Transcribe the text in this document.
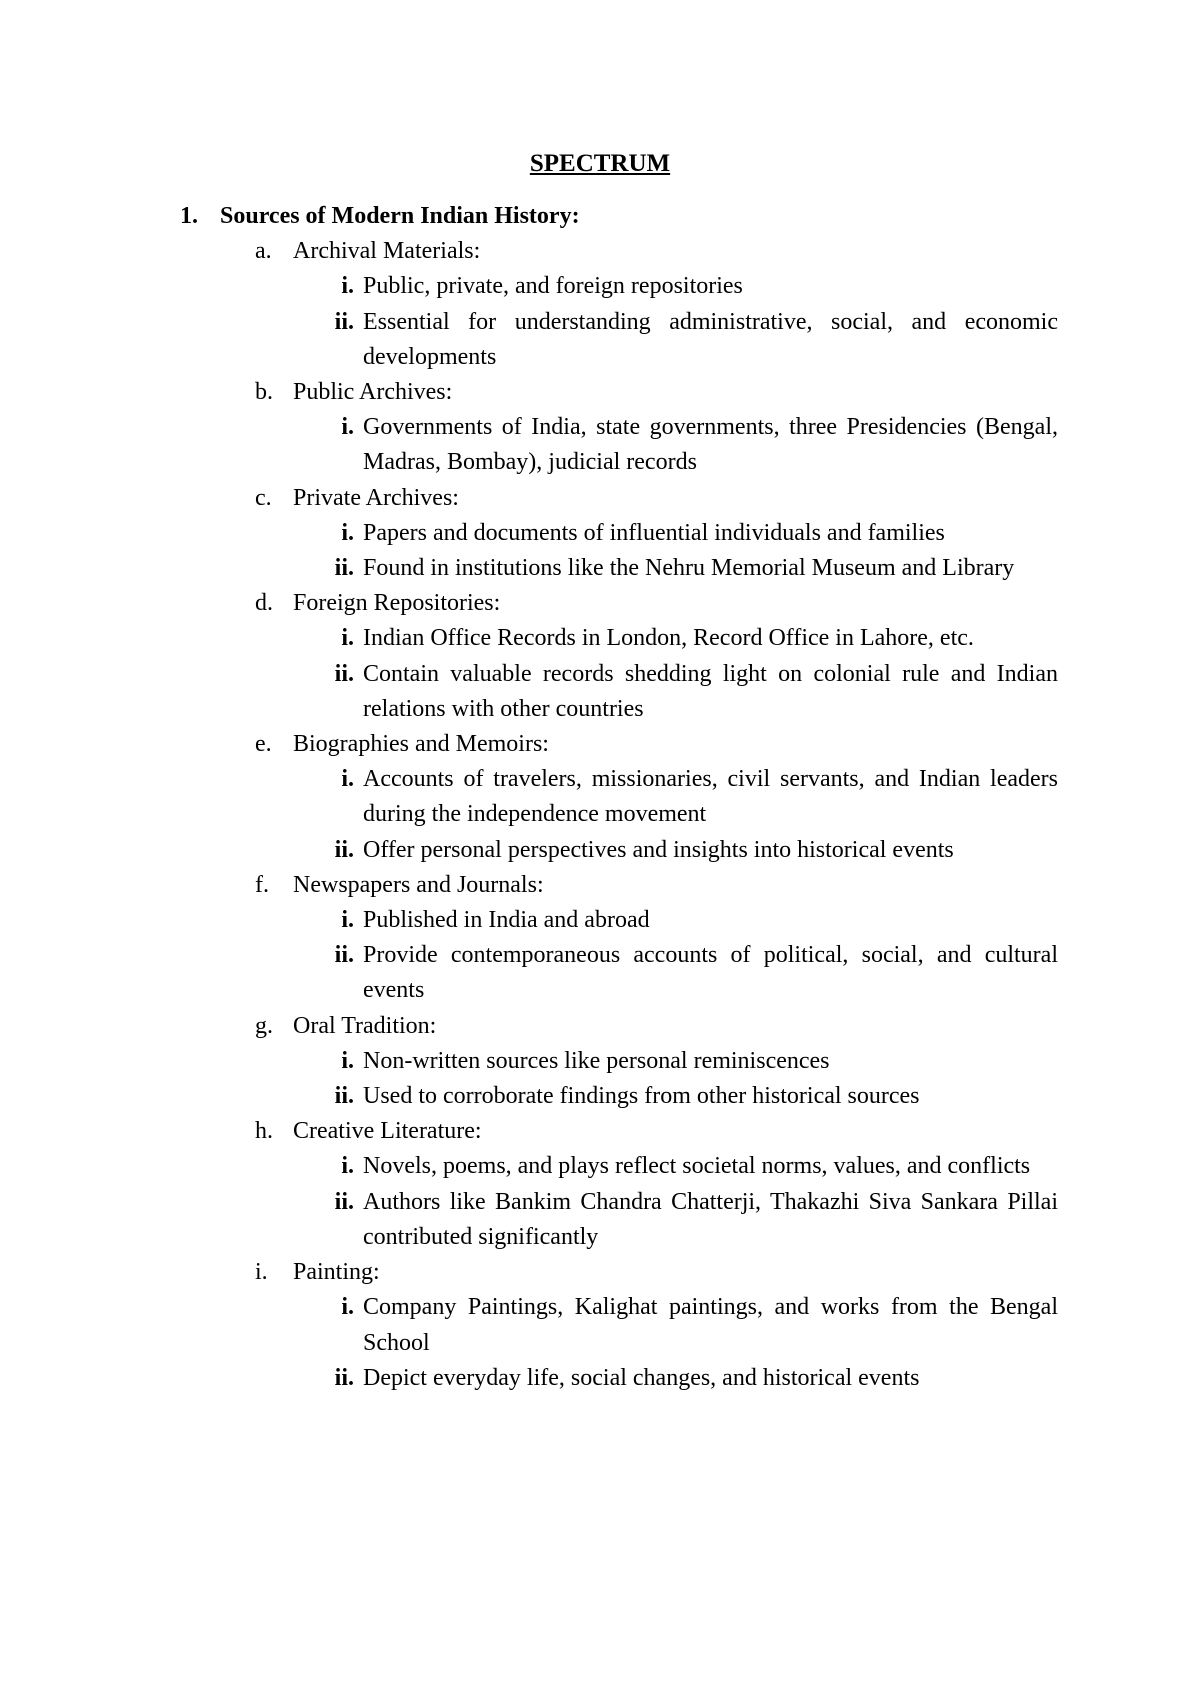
SPECTRUM
1. Sources of Modern Indian History:
a. Archival Materials:
i. Public, private, and foreign repositories
ii. Essential for understanding administrative, social, and economic developments
b. Public Archives:
i. Governments of India, state governments, three Presidencies (Bengal, Madras, Bombay), judicial records
c. Private Archives:
i. Papers and documents of influential individuals and families
ii. Found in institutions like the Nehru Memorial Museum and Library
d. Foreign Repositories:
i. Indian Office Records in London, Record Office in Lahore, etc.
ii. Contain valuable records shedding light on colonial rule and Indian relations with other countries
e. Biographies and Memoirs:
i. Accounts of travelers, missionaries, civil servants, and Indian leaders during the independence movement
ii. Offer personal perspectives and insights into historical events
f.	Newspapers and Journals:
i. Published in India and abroad
ii. Provide contemporaneous accounts of political, social, and cultural events
g. Oral Tradition:
i. Non-written sources like personal reminiscences
ii. Used to corroborate findings from other historical sources
h. Creative Literature:
i. Novels, poems, and plays reflect societal norms, values, and conflicts
ii. Authors like Bankim Chandra Chatterji, Thakazhi Siva Sankara Pillai contributed significantly
i.	Painting:
i. Company Paintings, Kalighat paintings, and works from the Bengal School
ii. Depict everyday life, social changes, and historical events
